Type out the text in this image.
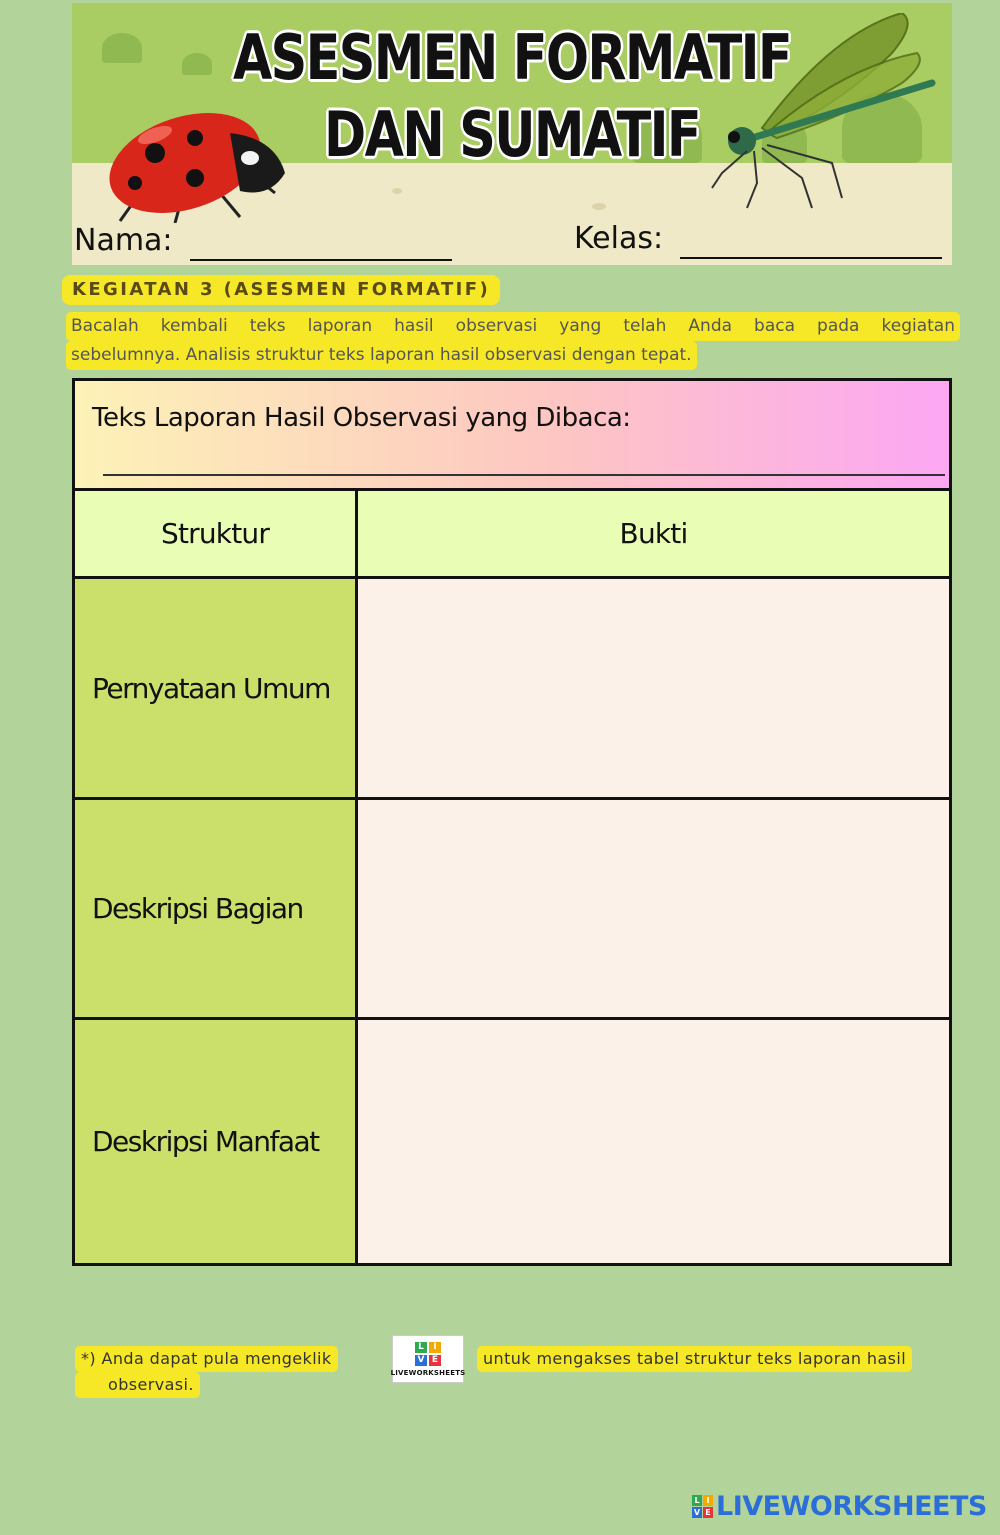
ASESMEN FORMATIF
DAN SUMATIF
Nama:	Kelas:
KEGIATAN 3 (ASESMEN FORMATIF)
Bacalah kembali teks laporan hasil observasi yang telah Anda baca pada kegiatan
sebelumnya. Analisis struktur teks laporan hasil observasi dengan tepat.
Teks Laporan Hasil Observasi yang Dibaca:
Struktur	Bukti
Pernyataan Umum
Deskripsi Bagian
Deskripsi Manfaat
*) Anda dapat pula mengeklik
L	I
V E
LIVEWORKSHEETS
untuk mengakses tabel struktur teks laporan hasil
observasi.
L I
V E LIVEWORKSHEETS
